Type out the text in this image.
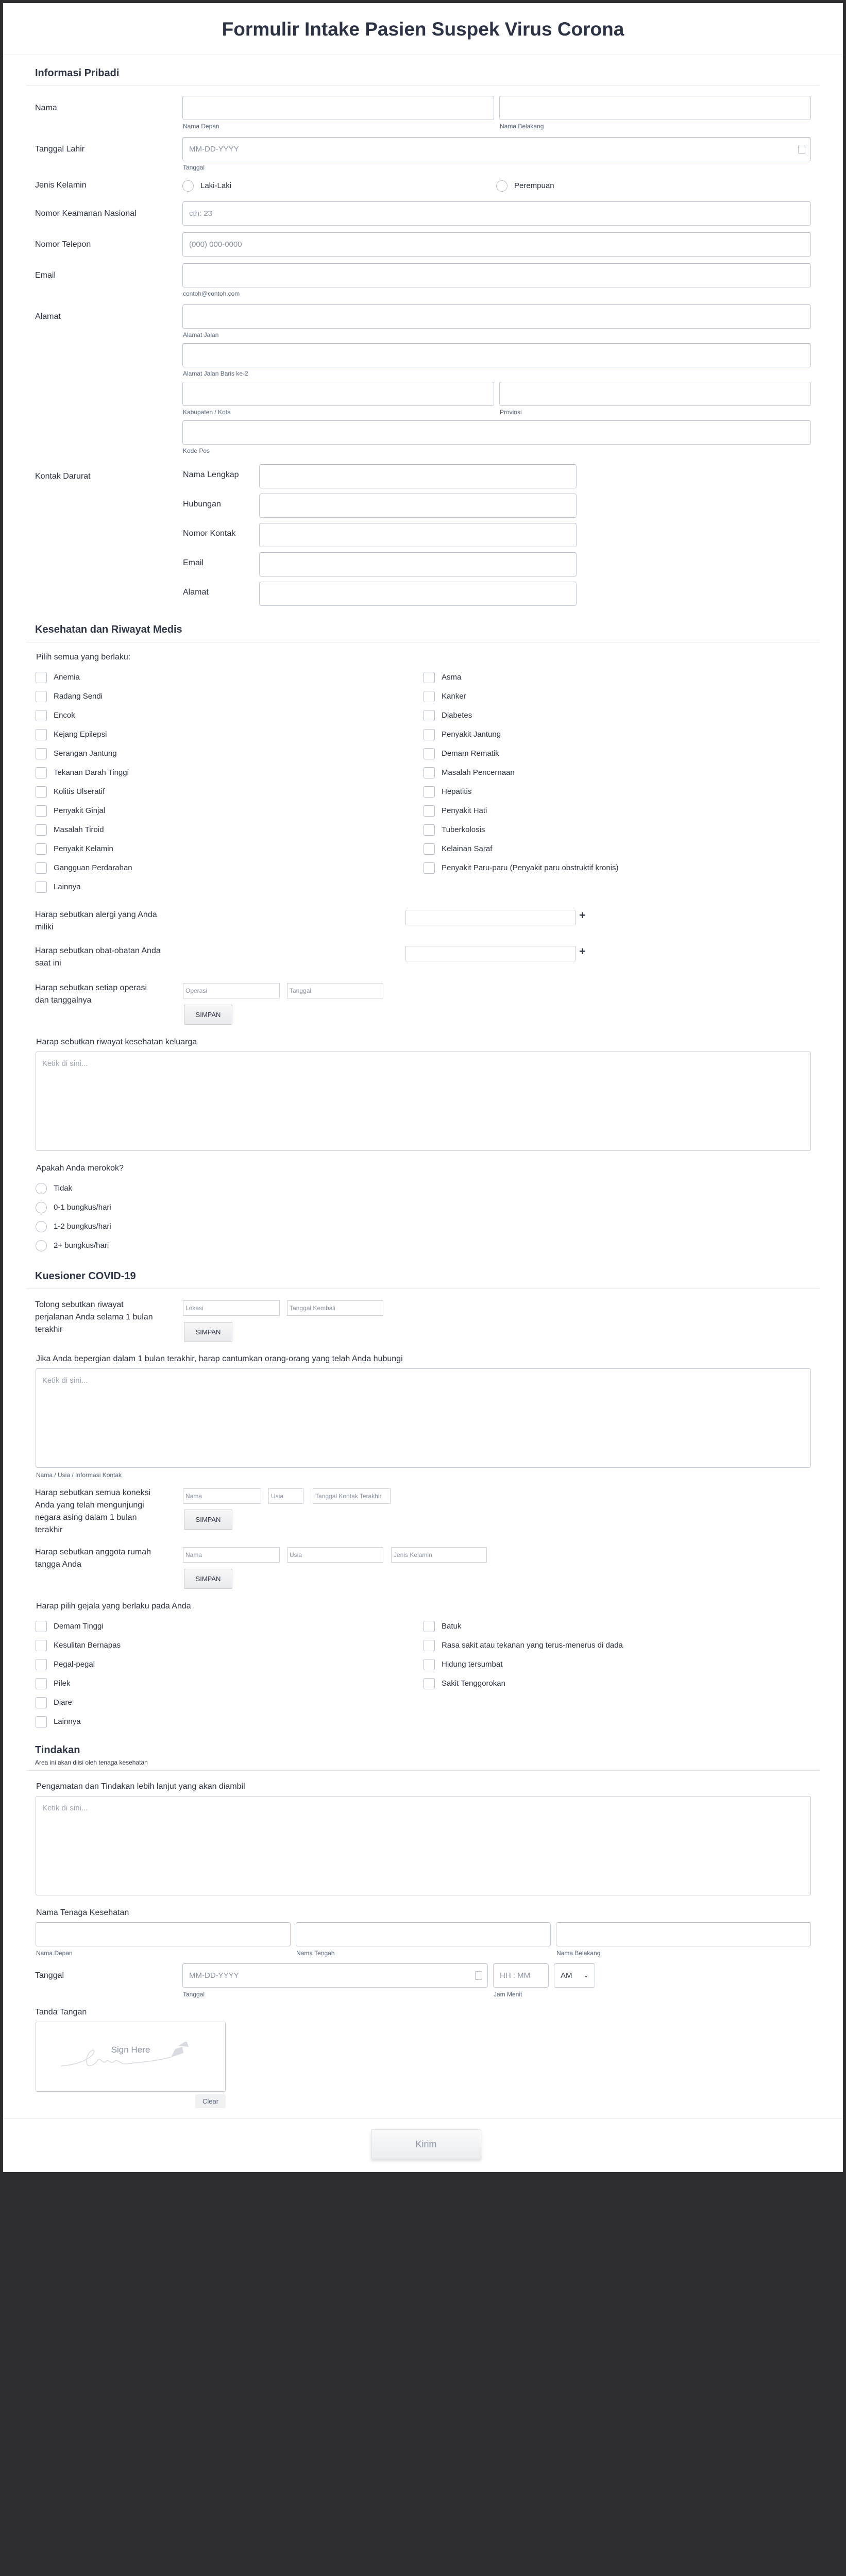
Formulir Intake Pasien Suspek Virus Corona
Informasi Pribadi
Nama
Nama Depan	Nama Belakang
Tanggal Lahir	MM-DD-YYYY
Tanggal
Jenis Kelamin	Laki-Laki	Perempuan
Nomor Keamanan Nasional	cth: 23
Nomor Telepon	(000) 000-0000
Email
contoh@contoh.com
Alamat
Alamat Jalan
Alamat Jalan Baris ke-2
Kabupaten / Kota	Provinsi
Kode Pos
Kontak Darurat	Nama Lengkap
Hubungan
Nomor Kontak
Email
Alamat
Kesehatan dan Riwayat Medis
Pilih semua yang berlaku:
Anemia
Radang Sendi
Encok
Kejang Epilepsi
Serangan Jantung
Tekanan Darah Tinggi
Kolitis Ulseratif
Penyakit Ginjal
Masalah Tiroid
Penyakit Kelamin
Gangguan Perdarahan
Lainnya
Asma
Kanker
Diabetes
Penyakit Jantung
Demam Rematik
Masalah Pencernaan
Hepatitis
Penyakit Hati
Tuberkolosis
Kelainan Saraf
Penyakit Paru-paru (Penyakit paru obstruktif kronis)
Harap sebutkan alergi yang Anda miliki
+
Harap sebutkan obat-obatan Anda saat ini
+
Harap sebutkan setiap operasi dan tanggalnya
Operasi	Tanggal
SIMPAN
Harap sebutkan riwayat kesehatan keluarga
Ketik di sini...
Apakah Anda merokok?
Tidak
0-1 bungkus/hari
1-2 bungkus/hari
2+ bungkus/hari
Kuesioner COVID-19
Tolong sebutkan riwayat perjalanan Anda selama 1 bulan terakhir
Lokasi	Tanggal Kembali
SIMPAN
Jika Anda bepergian dalam 1 bulan terakhir, harap cantumkan orang-orang yang telah Anda hubungi
Ketik di sini...
Nama / Usia / Informasi Kontak
Harap sebutkan semua koneksi Anda yang telah mengunjungi negara asing dalam 1 bulan terakhir
Nama	Usia	Tanggal Kontak Terakhir
SIMPAN
Harap sebutkan anggota rumah tangga Anda
Nama	Usia	Jenis Kelamin
SIMPAN
Harap pilih gejala yang berlaku pada Anda
Demam Tinggi
Kesulitan Bernapas
Pegal-pegal
Pilek
Diare
Lainnya
Batuk
Rasa sakit atau tekanan yang terus-menerus di dada
Hidung tersumbat
Sakit Tenggorokan
Tindakan
Area ini akan diisi oleh tenaga kesehatan
Pengamatan dan Tindakan lebih lanjut yang akan diambil
Ketik di sini...
Nama Tenaga Kesehatan
Nama Depan	Nama Tengah	Nama Belakang
Tanggal	MM-DD-YYYY	HH : MM	AM ⌄
Tanggal	Jam Menit
Tanda Tangan
Sign Here
Clear
Kirim
